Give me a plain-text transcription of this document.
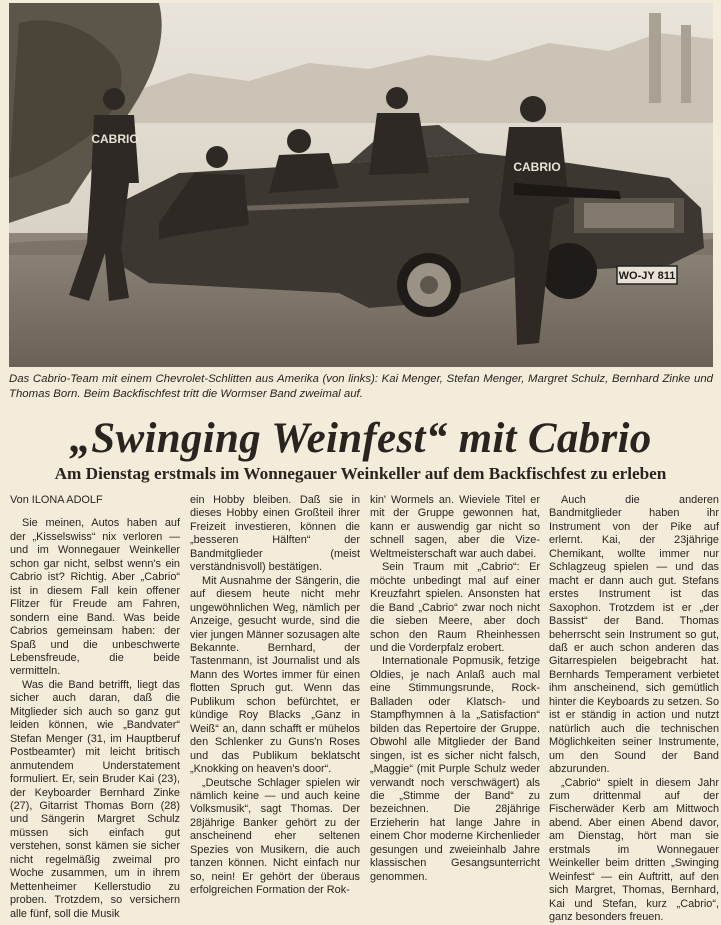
WO-JY 811
CABRIO
CABRIO

Das Cabrio-Team mit einem Chevrolet-Schlitten aus Amerika (von links): Kai Menger, Stefan Menger, Margret Schulz, Bernhard Zinke und Thomas Born. Beim Backfischfest tritt die Wormser Band zweimal auf.

„Swinging Weinfest“ mit Cabrio
Am Dienstag erstmals im Wonnegauer Weinkeller auf dem Backfischfest zu erleben

Von ILONA ADOLF

Sie meinen, Autos haben auf der „Kisselswiss“ nix verloren — und im Wonnegauer Weinkeller schon gar nicht, selbst wenn's ein Cabrio ist? Richtig. Aber „Cabrio“ ist in diesem Fall kein offener Flitzer für Freude am Fahren, sondern eine Band. Was beide Cabrios gemeinsam haben: der Spaß und die unbeschwerte Lebensfreude, die beide vermitteln.

Was die Band betrifft, liegt das sicher auch daran, daß die Mitglieder sich auch so ganz gut leiden können, wie „Bandvater“ Stefan Menger (31, im Hauptberuf Postbeamter) mit leicht britisch anmutendem Understatement formuliert. Er, sein Bruder Kai (23), der Keyboarder Bernhard Zinke (27), Gitarrist Thomas Born (28) und Sängerin Margret Schulz müssen sich einfach gut verstehen, sonst kämen sie sicher nicht regelmäßig zweimal pro Woche zusammen, um in ihrem Mettenheimer Kellerstudio zu proben. Trotzdem, so versichern alle fünf, soll die Musik

ein Hobby bleiben. Daß sie in dieses Hobby einen Großteil ihrer Freizeit investieren, können die „besseren Hälften“ der Bandmitglieder (meist verständnisvoll) bestätigen.

Mit Ausnahme der Sängerin, die auf diesem heute nicht mehr ungewöhnlichen Weg, nämlich per Anzeige, gesucht wurde, sind die vier jungen Männer sozusagen alte Bekannte. Bernhard, der Tastenmann, ist Journalist und als Mann des Wortes immer für einen flotten Spruch gut. Wenn das Publikum schon befürchtet, er kündige Roy Blacks „Ganz in Weiß“ an, dann schafft er mühelos den Schlenker zu Guns'n Roses und das Publikum beklatscht „Knokking on heaven's door“.

„Deutsche Schlager spielen wir nämlich keine — und auch keine Volksmusik“, sagt Thomas. Der 28jährige Banker gehört zu der anscheinend eher seltenen Spezies von Musikern, die auch tanzen können. Nicht einfach nur so, nein! Er gehört der überaus erfolgreichen Formation der Rok-

kin' Wormels an. Wieviele Titel er mit der Gruppe gewonnen hat, kann er auswendig gar nicht so schnell sagen, aber die Vize-Weltmeisterschaft war auch dabei.

Sein Traum mit „Cabrio“: Er möchte unbedingt mal auf einer Kreuzfahrt spielen. Ansonsten hat die Band „Cabrio“ zwar noch nicht die sieben Meere, aber doch schon den Raum Rheinhessen und die Vorderpfalz erobert.

Internationale Popmusik, fetzige Oldies, je nach Anlaß auch mal eine Stimmungsrunde, Rock-Balladen oder Klatsch- und Stampfhymnen à la „Satisfaction“ bilden das Repertoire der Gruppe. Obwohl alle Mitglieder der Band singen, ist es sicher nicht falsch, „Maggie“ (mit Purple Schulz weder verwandt noch verschwägert) als die „Stimme der Band“ zu bezeichnen. Die 28jährige Erzieherin hat lange Jahre in einem Chor moderne Kirchenlieder gesungen und zweieinhalb Jahre klassischen Gesangsunterricht genommen.

Auch die anderen Bandmitglieder haben ihr Instrument von der Pike auf erlernt. Kai, der 23jährige Chemikant, wollte immer nur Schlagzeug spielen — und das macht er dann auch gut. Stefans erstes Instrument ist das Saxophon. Trotzdem ist er „der Bassist“ der Band. Thomas beherrscht sein Instrument so gut, daß er auch schon anderen das Gitarrespielen beigebracht hat. Bernhards Temperament verbietet ihm anscheinend, sich gemütlich hinter die Keyboards zu setzen. So ist er ständig in action und nutzt natürlich auch die technischen Möglichkeiten seiner Instrumente, um den Sound der Band abzurunden.

„Cabrio“ spielt in diesem Jahr zum drittenmal auf der Fischerwäder Kerb am Mittwoch abend. Aber einen Abend davor, am Dienstag, hört man sie erstmals im Wonnegauer Weinkeller beim dritten „Swinging Weinfest“ — ein Auftritt, auf den sich Margret, Thomas, Bernhard, Kai und Stefan, kurz „Cabrio“, ganz besonders freuen.
